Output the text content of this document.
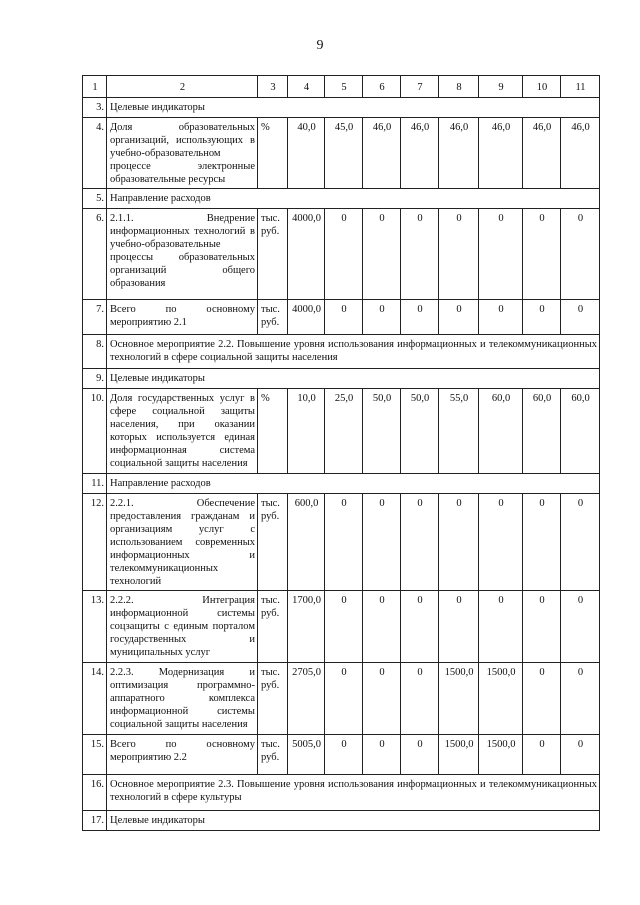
9
1	2	3	4	5	6	7	8	9	10	11
3.	Целевые индикаторы									
4.	Доля образовательных организаций, использующих в учебно-образовательном процессе электронные образовательные ресурсы	%	40,0	45,0	46,0	46,0	46,0	46,0	46,0	46,0
5.	Направление расходов									
6.	2.1.1. Внедрение информационных технологий в учебно-образовательные процессы образовательных организаций общего образования	тыс. руб.	4000,0	0	0	0	0	0	0	0
7.	Всего по основному мероприятию 2.1	тыс. руб.	4000,0	0	0	0	0	0	0	0
8.	Основное мероприятие 2.2. Повышение уровня использования информационных и телекоммуникационных технологий в сфере социальной защиты населения									
9.	Целевые индикаторы									
10.	Доля государственных услуг в сфере социальной защиты населения, при оказании которых используется единая информационная система социальной защиты населения	%	10,0	25,0	50,0	50,0	55,0	60,0	60,0	60,0
11.	Направление расходов									
12.	2.2.1. Обеспечение предоставления гражданам и организациям услуг с использованием современных информационных и телекоммуникационных технологий	тыс. руб.	600,0	0	0	0	0	0	0	0
13.	2.2.2. Интеграция информационной системы соцзащиты с единым порталом государственных и муниципальных услуг	тыс. руб.	1700,0	0	0	0	0	0	0	0
14.	2.2.3. Модернизация и оптимизация программно-аппаратного комплекса информационной системы социальной защиты населения	тыс. руб.	2705,0	0	0	0	1500,0	1500,0	0	0
15.	Всего по основному мероприятию 2.2	тыс. руб.	5005,0	0	0	0	1500,0	1500,0	0	0
16.	Основное мероприятие 2.3. Повышение уровня использования информационных и телекоммуникационных технологий в сфере культуры									
17.	Целевые индикаторы									
